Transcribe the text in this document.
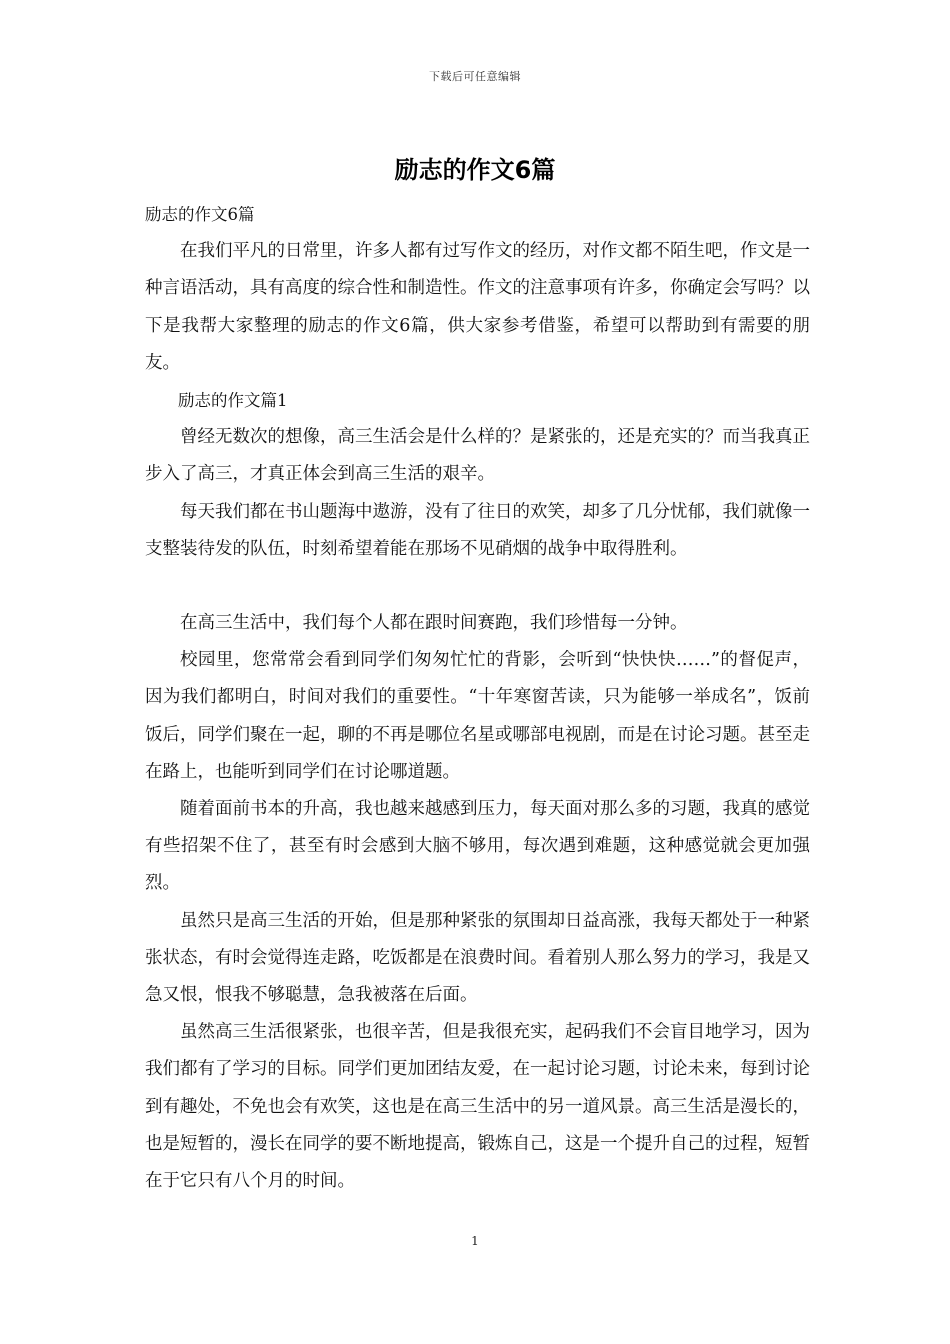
下载后可任意编辑
励志的作文6篇

励志的作文6篇

在我们平凡的日常里，许多人都有过写作文的经历，对作文都不陌生吧，作文是一种言语活动，具有高度的综合性和制造性。作文的注意事项有许多，你确定会写吗？以下是我帮大家整理的励志的作文6篇，供大家参考借鉴，希望可以帮助到有需要的朋友。

励志的作文篇1

曾经无数次的想像，高三生活会是什么样的？是紧张的，还是充实的？而当我真正步入了高三，才真正体会到高三生活的艰辛。

每天我们都在书山题海中遨游，没有了往日的欢笑，却多了几分忧郁，我们就像一支整装待发的队伍，时刻希望着能在那场不见硝烟的战争中取得胜利。

在高三生活中，我们每个人都在跟时间赛跑，我们珍惜每一分钟。

校园里，您常常会看到同学们匆匆忙忙的背影，会听到“快快快……”的督促声，因为我们都明白，时间对我们的重要性。“十年寒窗苦读，只为能够一举成名”，饭前饭后，同学们聚在一起，聊的不再是哪位名星或哪部电视剧，而是在讨论习题。甚至走在路上，也能听到同学们在讨论哪道题。

随着面前书本的升高，我也越来越感到压力，每天面对那么多的习题，我真的感觉有些招架不住了，甚至有时会感到大脑不够用，每次遇到难题，这种感觉就会更加强烈。

虽然只是高三生活的开始，但是那种紧张的氛围却日益高涨，我每天都处于一种紧张状态，有时会觉得连走路，吃饭都是在浪费时间。看着别人那么努力的学习，我是又急又恨，恨我不够聪慧，急我被落在后面。

虽然高三生活很紧张，也很辛苦，但是我很充实，起码我们不会盲目地学习，因为我们都有了学习的目标。同学们更加团结友爱，在一起讨论习题，讨论未来，每到讨论到有趣处，不免也会有欢笑，这也是在高三生活中的另一道风景。高三生活是漫长的，也是短暂的，漫长在同学的要不断地提高，锻炼自己，这是一个提升自己的过程，短暂在于它只有八个月的时间。

1
